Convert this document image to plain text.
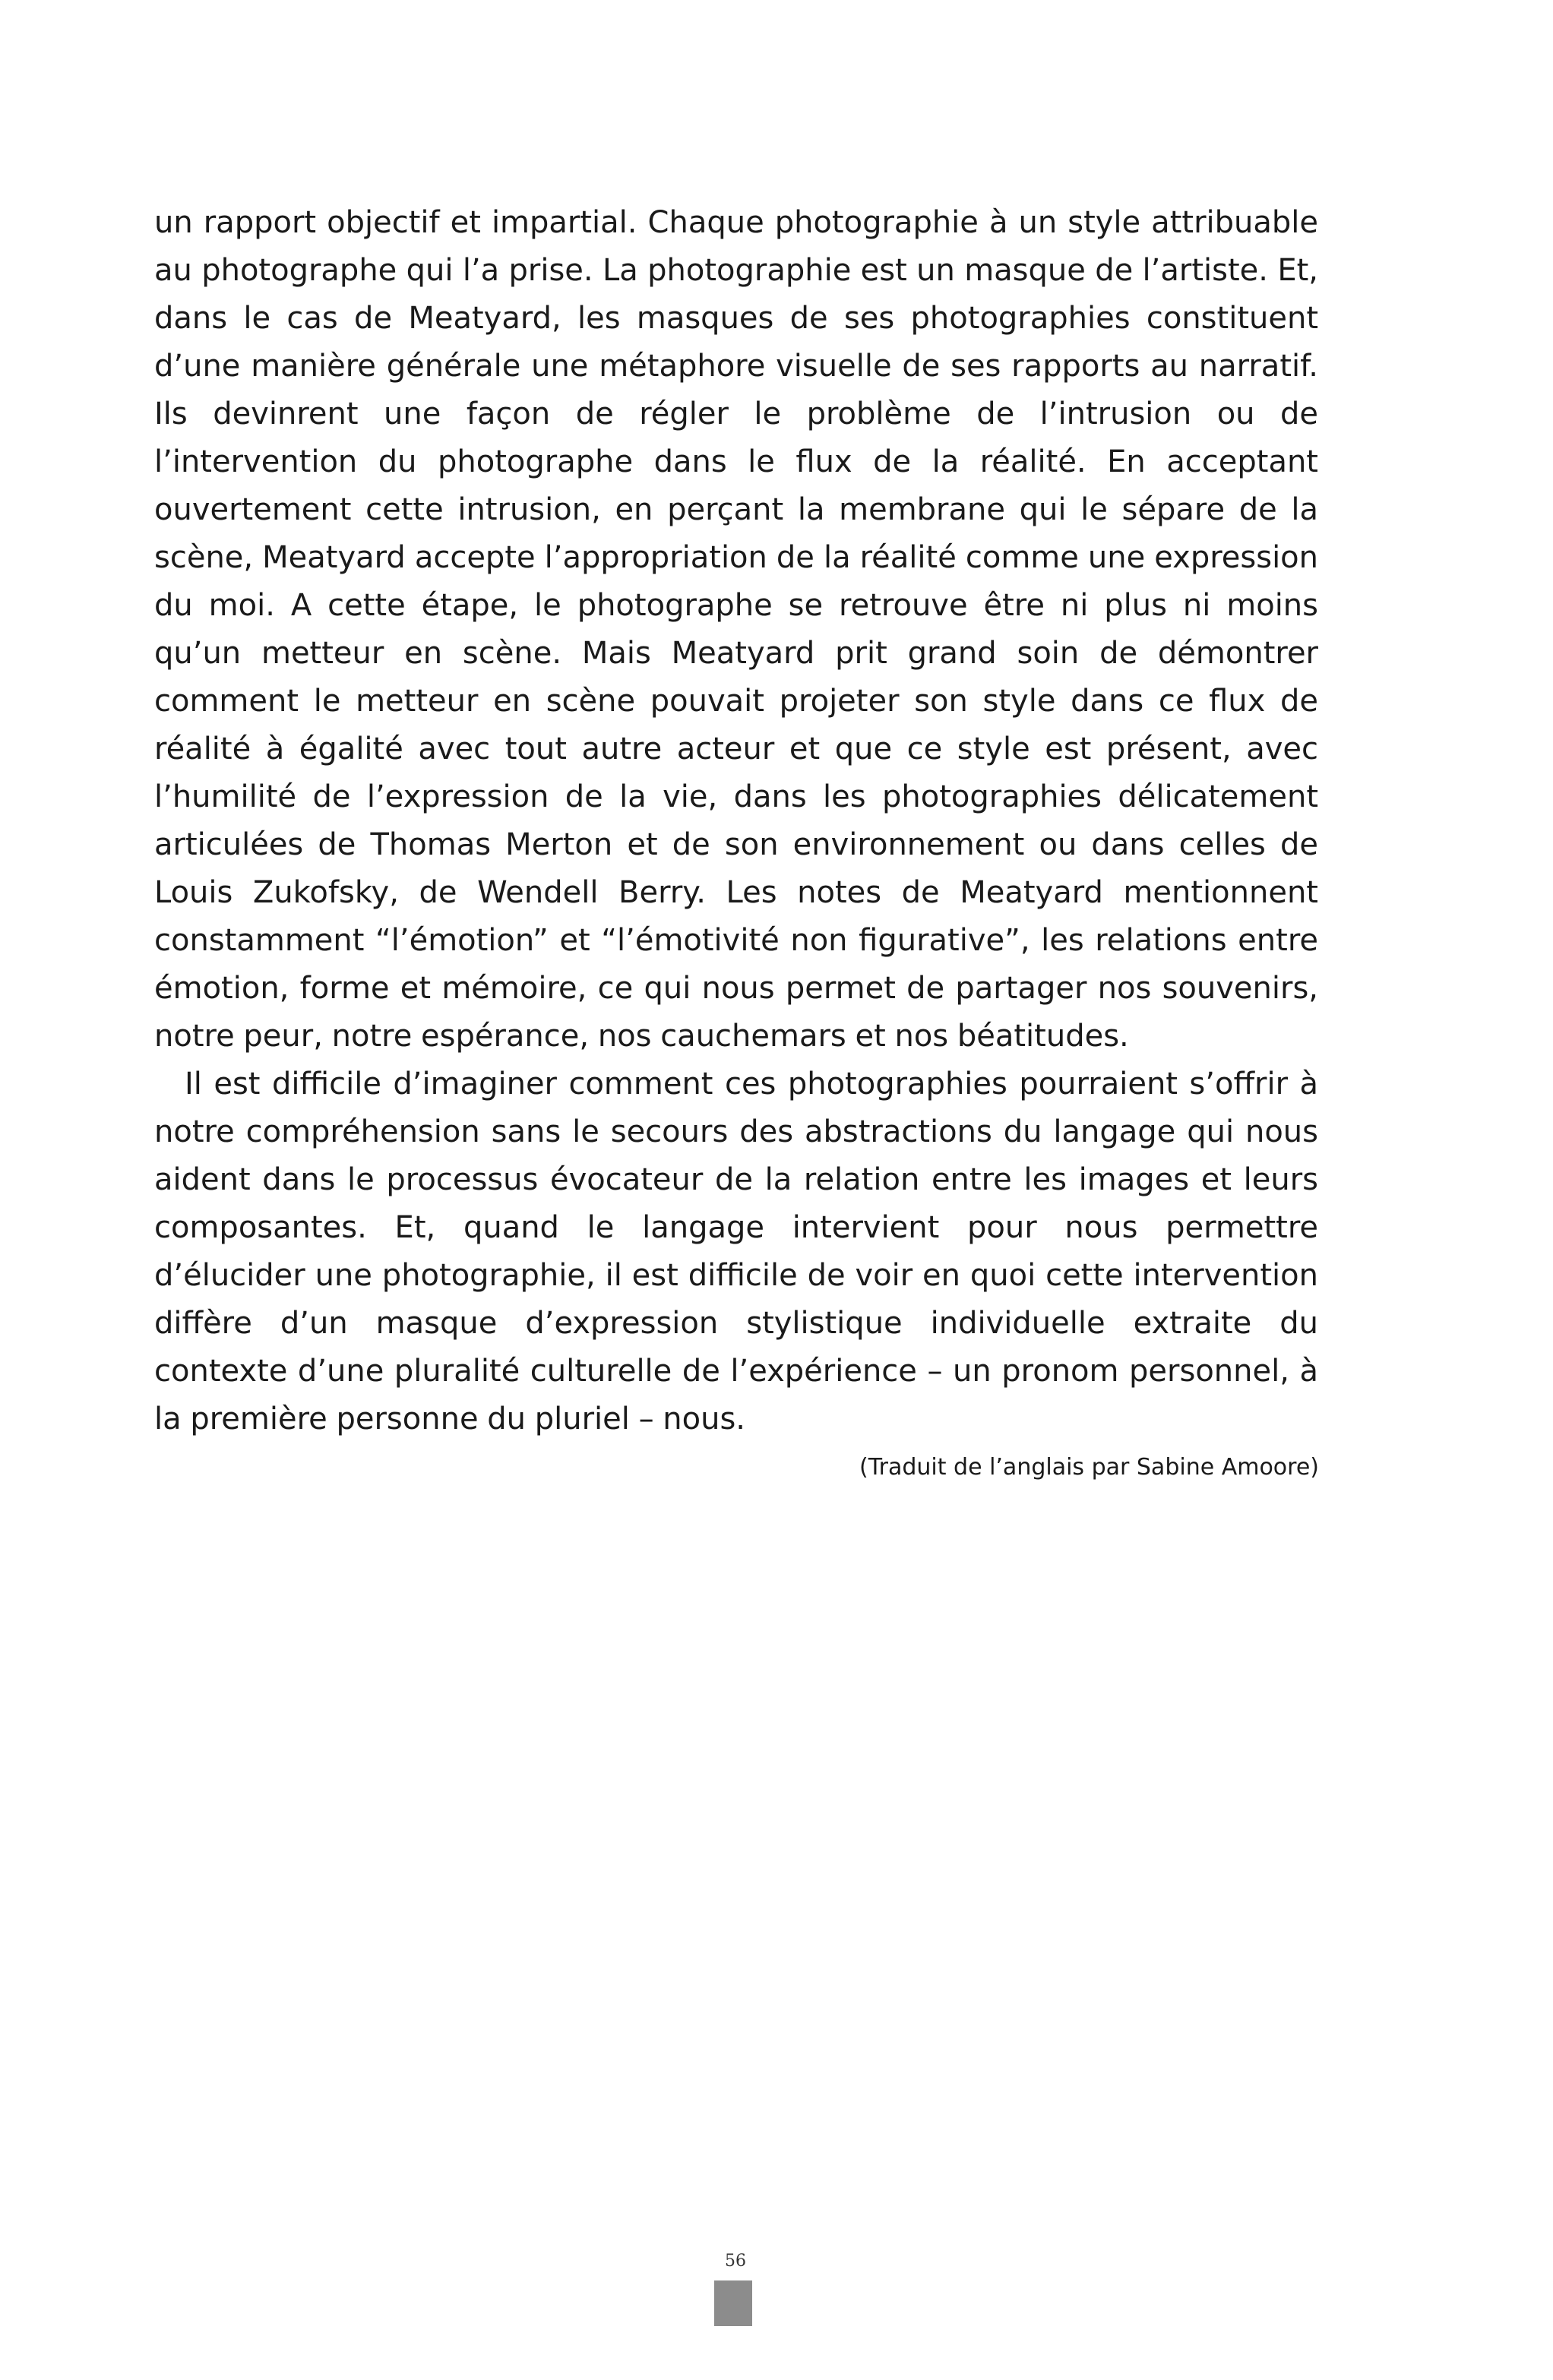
un rapport objectif et impartial. Chaque photographie à un style attribuable au photographe qui l’a prise. La photographie est un masque de l’artiste. Et, dans le cas de Meatyard, les masques de ses photographies constituent d’une manière générale une métaphore visuelle de ses rapports au narratif. Ils devinrent une façon de régler le problème de l’intrusion ou de l’intervention du photographe dans le flux de la réalité. En acceptant ouvertement cette intrusion, en perçant la membrane qui le sépare de la scène, Meatyard accepte l’appropriation de la réalité comme une expression du moi. A cette étape, le photographe se retrouve être ni plus ni moins qu’un metteur en scène. Mais Meatyard prit grand soin de démontrer comment le metteur en scène pouvait projeter son style dans ce flux de réalité à égalité avec tout autre acteur et que ce style est présent, avec l’humilité de l’expression de la vie, dans les photographies délicatement articulées de Thomas Merton et de son environnement ou dans celles de Louis Zukofsky, de Wendell Berry. Les notes de Meatyard mentionnent constamment “l’émotion” et “l’émotivité non figurative”, les relations entre émotion, forme et mémoire, ce qui nous permet de partager nos souvenirs, notre peur, notre espérance, nos cauchemars et nos béatitudes.

Il est difficile d’imaginer comment ces photographies pourraient s’offrir à notre compréhension sans le secours des abstractions du langage qui nous aident dans le processus évocateur de la relation entre les images et leurs composantes. Et, quand le langage intervient pour nous permettre d’élucider une photographie, il est difficile de voir en quoi cette intervention diffère d’un masque d’expression stylistique individuelle extraite du contexte d’une pluralité culturelle de l’expérience – un pronom personnel, à la première personne du pluriel – nous.

(Traduit de l’anglais par Sabine Amoore)
56
